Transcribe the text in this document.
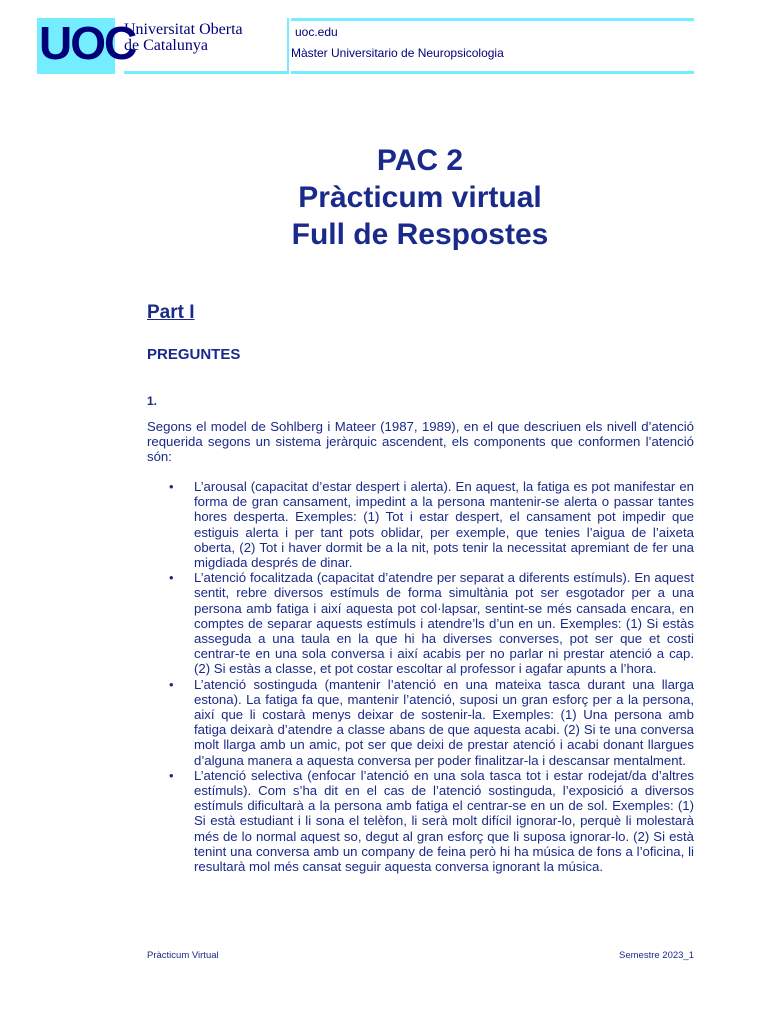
UOC
Universitat Oberta
de Catalunya
uoc.edu
Màster Universitario de Neuropsicologia
PAC 2
Pràcticum virtual
Full de Respostes
Part I
PREGUNTES
1.
Segons el model de Sohlberg i Mateer (1987, 1989), en el que descriuen els nivell d’atenció requerida segons un sistema jeràrquic ascendent, els components que conformen l’atenció són:
• L’arousal (capacitat d’estar despert i alerta). En aquest, la fatiga es pot manifestar en forma de gran cansament, impedint a la persona mantenir-se alerta o passar tantes hores desperta. Exemples: (1) Tot i estar despert, el cansament pot impedir que estiguis alerta i per tant pots oblidar, per exemple, que tenies l’aigua de l’aixeta oberta, (2) Tot i haver dormit be a la nit, pots tenir la necessitat apremiant de fer una migdiada després de dinar.
• L’atenció focalitzada (capacitat d’atendre per separat a diferents estímuls). En aquest sentit, rebre diversos estímuls de forma simultània pot ser esgotador per a una persona amb fatiga i així aquesta pot col·lapsar, sentint-se més cansada encara, en comptes de separar aquests estímuls i atendre’ls d’un en un. Exemples: (1) Si estàs asseguda a una taula en la que hi ha diverses converses, pot ser que et costi centrar-te en una sola conversa i així acabis per no parlar ni prestar atenció a cap. (2) Si estàs a classe, et pot costar escoltar al professor i agafar apunts a l’hora.
• L’atenció sostinguda (mantenir l’atenció en una mateixa tasca durant una llarga estona). La fatiga fa que, mantenir l’atenció, suposi un gran esforç per a la persona, així que li costarà menys deixar de sostenir-la. Exemples: (1) Una persona amb fatiga deixarà d’atendre a classe abans de que aquesta acabi. (2) Si te una conversa molt llarga amb un amic, pot ser que deixi de prestar atenció i acabi donant llargues d’alguna manera a aquesta conversa per poder finalitzar-la i descansar mentalment.
• L’atenció selectiva (enfocar l’atenció en una sola tasca tot i estar rodejat/da d’altres estímuls). Com s’ha dit en el cas de l’atenció sostinguda, l’exposició a diversos estímuls dificultarà a la persona amb fatiga el centrar-se en un de sol. Exemples: (1) Si està estudiant i li sona el telèfon, li serà molt difícil ignorar-lo, perquè li molestarà més de lo normal aquest so, degut al gran esforç que li suposa ignorar-lo. (2) Si està tenint una conversa amb un company de feina però hi ha música de fons a l’oficina, li resultarà mol més cansat seguir aquesta conversa ignorant la música.
Pràcticum Virtual	Semestre 2023_1
